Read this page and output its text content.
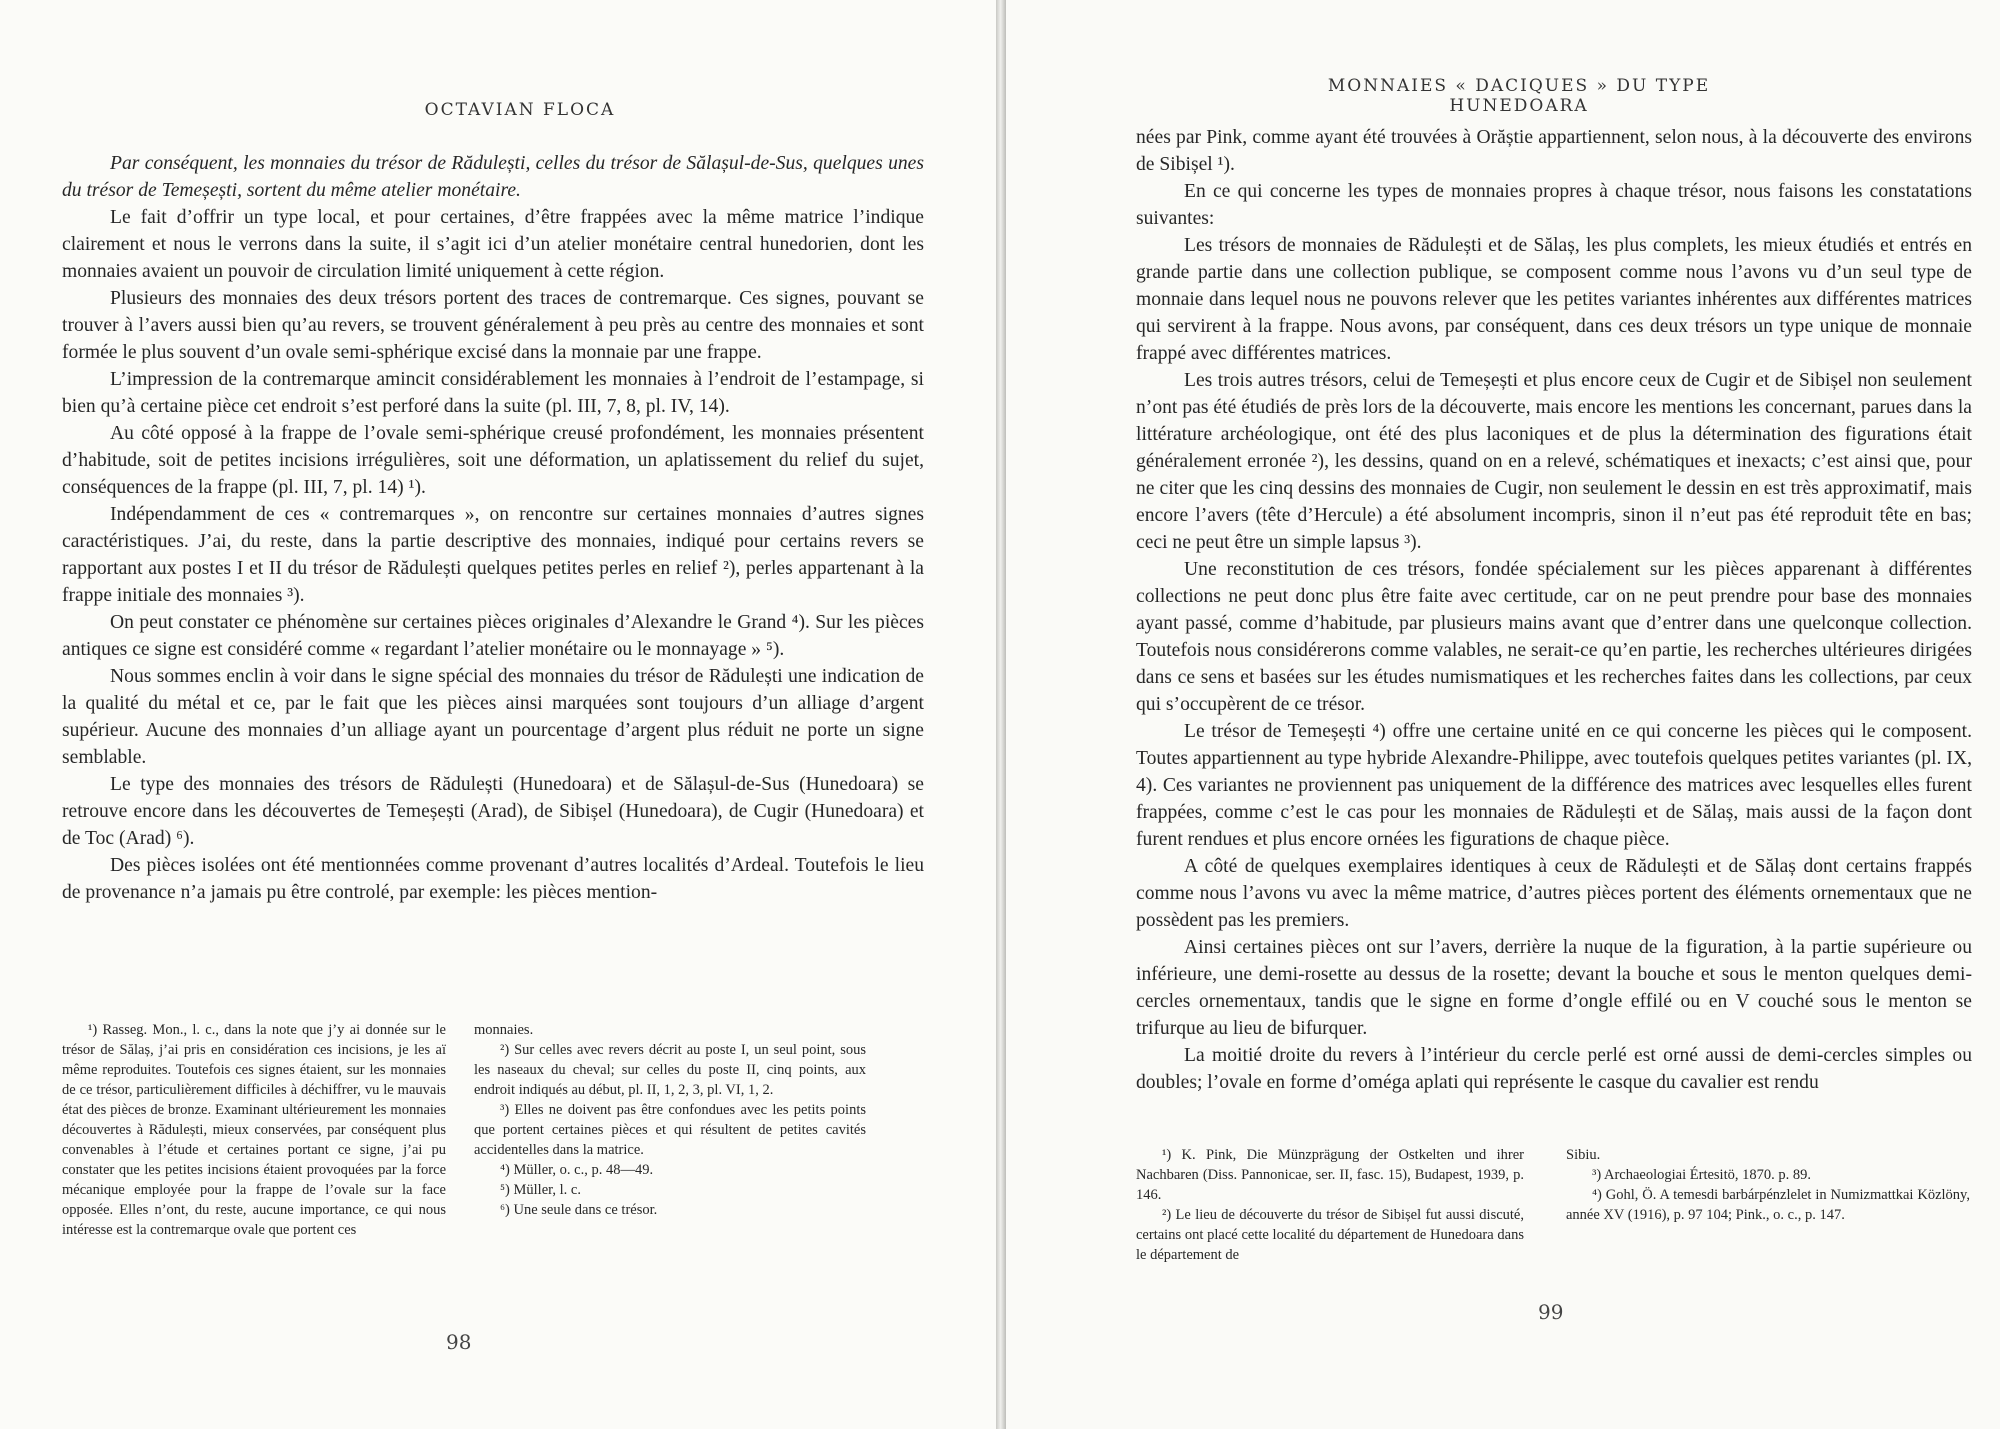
OCTAVIAN FLOCA

Par conséquent, les monnaies du trésor de Rădulești, celles du trésor de Sălașul-de-Sus, quelques unes du trésor de Temeșești, sortent du même atelier monétaire.

Le fait d’offrir un type local, et pour certaines, d’être frappées avec la même matrice l’indique clairement et nous le verrons dans la suite, il s’agit ici d’un atelier monétaire central hunedorien, dont les monnaies avaient un pouvoir de circulation limité uniquement à cette région.

Plusieurs des monnaies des deux trésors portent des traces de contremarque. Ces signes, pouvant se trouver à l’avers aussi bien qu’au revers, se trouvent généralement à peu près au centre des monnaies et sont formée le plus souvent d’un ovale semi-sphérique excisé dans la monnaie par une frappe.

L’impression de la contremarque amincit considérablement les monnaies à l’endroit de l’estampage, si bien qu’à certaine pièce cet endroit s’est perforé dans la suite (pl. III, 7, 8, pl. IV, 14).

Au côté opposé à la frappe de l’ovale semi-sphérique creusé profondément, les monnaies présentent d’habitude, soit de petites incisions irrégulières, soit une déformation, un aplatissement du relief du sujet, conséquences de la frappe (pl. III, 7, pl. 14) ¹).

Indépendamment de ces « contremarques », on rencontre sur certaines monnaies d’autres signes caractéristiques. J’ai, du reste, dans la partie descriptive des monnaies, indiqué pour certains revers se rapportant aux postes I et II du trésor de Rădulești quelques petites perles en relief ²), perles appartenant à la frappe initiale des monnaies ³).

On peut constater ce phénomène sur certaines pièces originales d’Alexandre le Grand ⁴). Sur les pièces antiques ce signe est considéré comme « regardant l’atelier monétaire ou le monnayage » ⁵).

Nous sommes enclin à voir dans le signe spécial des monnaies du trésor de Rădulești une indication de la qualité du métal et ce, par le fait que les pièces ainsi marquées sont toujours d’un alliage d’argent supérieur. Aucune des monnaies d’un alliage ayant un pourcentage d’argent plus réduit ne porte un signe semblable.

Le type des monnaies des trésors de Rădulești (Hunedoara) et de Sălașul-de-Sus (Hunedoara) se retrouve encore dans les découvertes de Temeșești (Arad), de Sibișel (Hunedoara), de Cugir (Hunedoara) et de Toc (Arad) ⁶).

Des pièces isolées ont été mentionnées comme provenant d’autres localités d’Ardeal. Toutefois le lieu de provenance n’a jamais pu être controlé, par exemple: les pièces mention-

¹) Rasseg. Mon., l. c., dans la note que j’y ai donnée sur le trésor de Sălaș, j’ai pris en considération ces incisions, je les aï même reproduites. Toutefois ces signes étaient, sur les monnaies de ce trésor, particulièrement difficiles à déchiffrer, vu le mauvais état des pièces de bronze. Examinant ultérieurement les monnaies découvertes à Rădulești, mieux conservées, par conséquent plus convenables à l’étude et certaines portant ce signe, j’ai pu constater que les petites incisions étaient provoquées par la force mécanique employée pour la frappe de l’ovale sur la face opposée. Elles n’ont, du reste, aucune importance, ce qui nous intéresse est la contremarque ovale que portent ces

monnaies.

²) Sur celles avec revers décrit au poste I, un seul point, sous les naseaux du cheval; sur celles du poste II, cinq points, aux endroit indiqués au début, pl. II, 1, 2, 3, pl. VI, 1, 2.

³) Elles ne doivent pas être confondues avec les petits points que portent certaines pièces et qui résultent de petites cavités accidentelles dans la matrice.

⁴) Müller, o. c., p. 48—49.

⁵) Müller, l. c.

⁶) Une seule dans ce trésor.

98
MONNAIES « DACIQUES » DU TYPE HUNEDOARA

nées par Pink, comme ayant été trouvées à Orăștie appartiennent, selon nous, à la découverte des environs de Sibișel ¹).

En ce qui concerne les types de monnaies propres à chaque trésor, nous faisons les constatations suivantes:

Les trésors de monnaies de Rădulești et de Sălaș, les plus complets, les mieux étudiés et entrés en grande partie dans une collection publique, se composent comme nous l’avons vu d’un seul type de monnaie dans lequel nous ne pouvons relever que les petites variantes inhérentes aux différentes matrices qui servirent à la frappe. Nous avons, par conséquent, dans ces deux trésors un type unique de monnaie frappé avec différentes matrices.

Les trois autres trésors, celui de Temeșești et plus encore ceux de Cugir et de Sibișel non seulement n’ont pas été étudiés de près lors de la découverte, mais encore les mentions les concernant, parues dans la littérature archéologique, ont été des plus laconiques et de plus la détermination des figurations était généralement erronée ²), les dessins, quand on en a relevé, schématiques et inexacts; c’est ainsi que, pour ne citer que les cinq dessins des monnaies de Cugir, non seulement le dessin en est très approximatif, mais encore l’avers (tête d’Hercule) a été absolument incompris, sinon il n’eut pas été reproduit tête en bas; ceci ne peut être un simple lapsus ³).

Une reconstitution de ces trésors, fondée spécialement sur les pièces apparenant à différentes collections ne peut donc plus être faite avec certitude, car on ne peut prendre pour base des monnaies ayant passé, comme d’habitude, par plusieurs mains avant que d’entrer dans une quelconque collection. Toutefois nous considérerons comme valables, ne serait-ce qu’en partie, les recherches ultérieures dirigées dans ce sens et basées sur les études numismatiques et les recherches faites dans les collections, par ceux qui s’occupèrent de ce trésor.

Le trésor de Temeșești ⁴) offre une certaine unité en ce qui concerne les pièces qui le composent. Toutes appartiennent au type hybride Alexandre-Philippe, avec toutefois quelques petites variantes (pl. IX, 4). Ces variantes ne proviennent pas uniquement de la différence des matrices avec lesquelles elles furent frappées, comme c’est le cas pour les monnaies de Rădulești et de Sălaș, mais aussi de la façon dont furent rendues et plus encore ornées les figurations de chaque pièce.

A côté de quelques exemplaires identiques à ceux de Rădulești et de Sălaș dont certains frappés comme nous l’avons vu avec la même matrice, d’autres pièces portent des éléments ornementaux que ne possèdent pas les premiers.

Ainsi certaines pièces ont sur l’avers, derrière la nuque de la figuration, à la partie supérieure ou inférieure, une demi-rosette au dessus de la rosette; devant la bouche et sous le menton quelques demi-cercles ornementaux, tandis que le signe en forme d’ongle effilé ou en V couché sous le menton se trifurque au lieu de bifurquer.

La moitié droite du revers à l’intérieur du cercle perlé est orné aussi de demi-cercles simples ou doubles; l’ovale en forme d’oméga aplati qui représente le casque du cavalier est rendu

¹) K. Pink, Die Münzprägung der Ostkelten und ihrer Nachbaren (Diss. Pannonicae, ser. II, fasc. 15), Budapest, 1939, p. 146.

²) Le lieu de découverte du trésor de Sibișel fut aussi discuté, certains ont placé cette localité du département de Hunedoara dans le département de

Sibiu.

³) Archaeologiai Értesitö, 1870. p. 89.

⁴) Gohl, Ö. A temesdi barbárpénzlelet in Numizmattkai Közlöny, année XV (1916), p. 97 104; Pink., o. c., p. 147.

99
